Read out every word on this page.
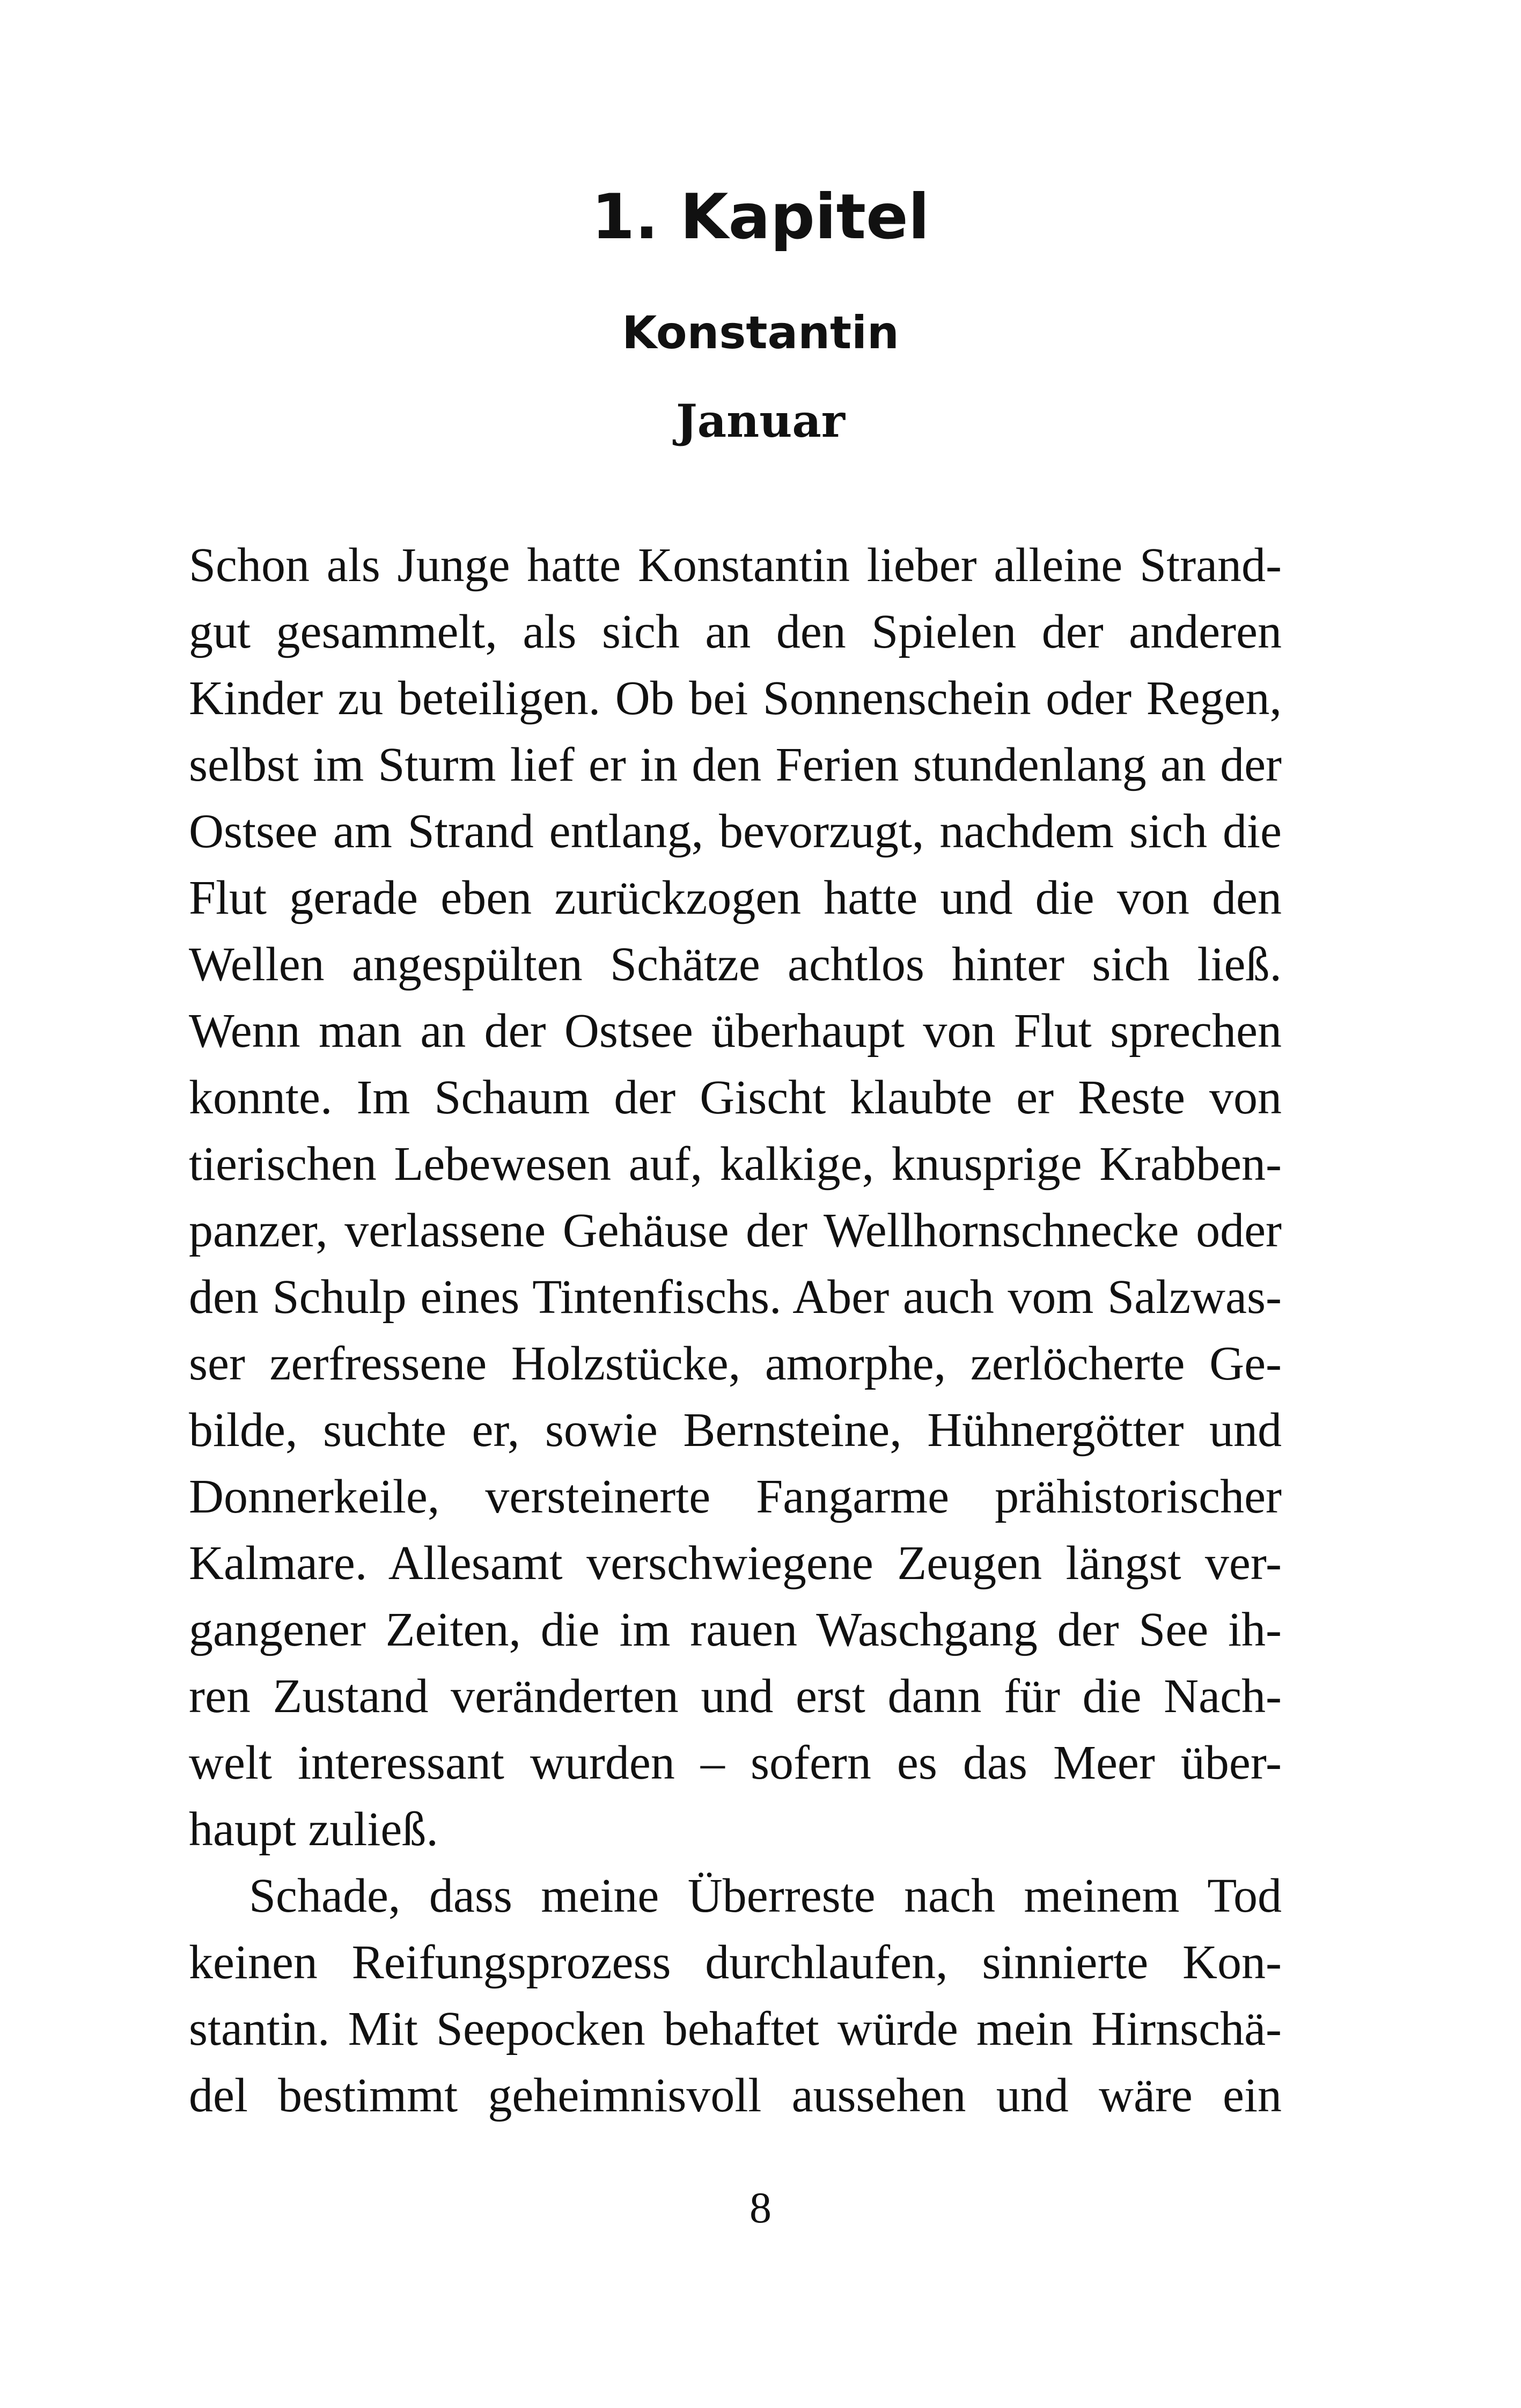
1. Kapitel
Konstantin
Januar
Schon als Junge hatte Konstantin lieber alleine Strand-
gut gesammelt, als sich an den Spielen der anderen
Kinder zu beteiligen. Ob bei Sonnenschein oder Regen,
selbst im Sturm lief er in den Ferien stundenlang an der
Ostsee am Strand entlang, bevorzugt, nachdem sich die
Flut gerade eben zurückzogen hatte und die von den
Wellen angespülten Schätze achtlos hinter sich ließ.
Wenn man an der Ostsee überhaupt von Flut sprechen
konnte. Im Schaum der Gischt klaubte er Reste von
tierischen Lebewesen auf, kalkige, knusprige Krabben-
panzer, verlassene Gehäuse der Wellhornschnecke oder
den Schulp eines Tintenfischs. Aber auch vom Salzwas-
ser zerfressene Holzstücke, amorphe, zerlöcherte Ge-
bilde, suchte er, sowie Bernsteine, Hühnergötter und
Donnerkeile, versteinerte Fangarme prähistorischer
Kalmare. Allesamt verschwiegene Zeugen längst ver-
gangener Zeiten, die im rauen Waschgang der See ih-
ren Zustand veränderten und erst dann für die Nach-
welt interessant wurden – sofern es das Meer über-
haupt zuließ.
Schade, dass meine Überreste nach meinem Tod
keinen Reifungsprozess durchlaufen, sinnierte Kon-
stantin. Mit Seepocken behaftet würde mein Hirnschä-
del bestimmt geheimnisvoll aussehen und wäre ein
8
